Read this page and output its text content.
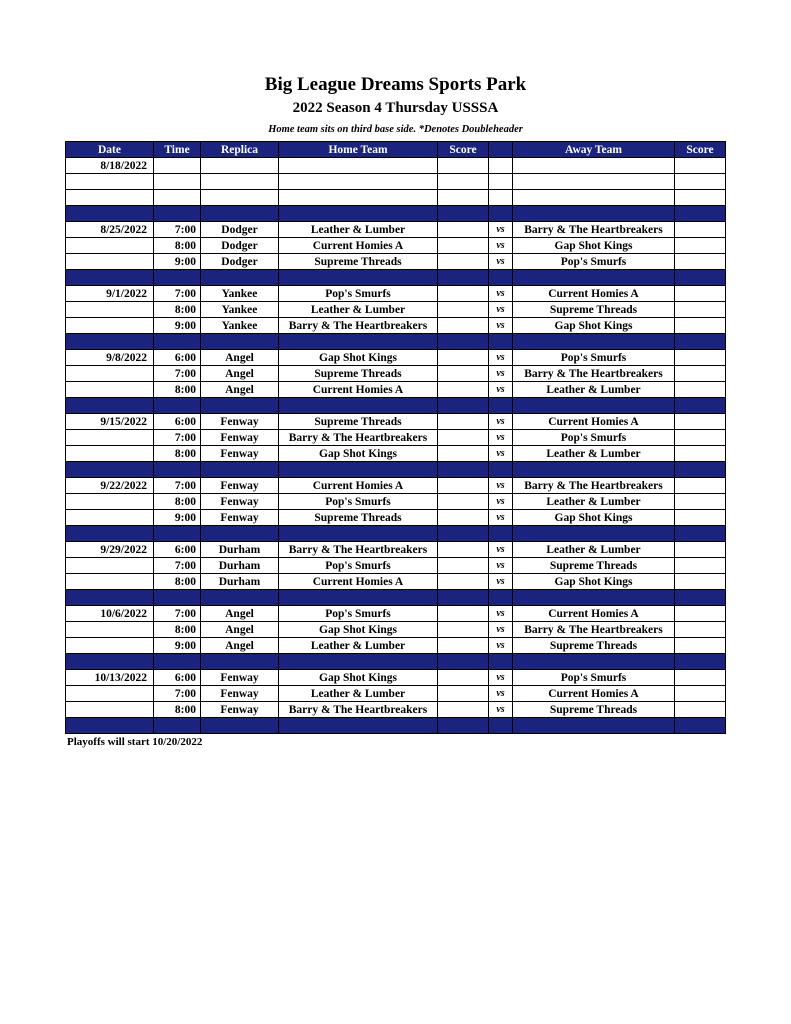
Big League Dreams Sports Park
2022 Season 4 Thursday USSSA
Home team sits on third base side. *Denotes Doubleheader
Date	Time	Replica	Home Team	Score		Away Team	Score
8/18/2022							

8/25/2022	7:00	Dodger	Leather & Lumber		vs	Barry & The Heartbreakers	
	8:00	Dodger	Current Homies A		vs	Gap Shot Kings	
	9:00	Dodger	Supreme Threads		vs	Pop's Smurfs	

9/1/2022	7:00	Yankee	Pop's Smurfs		vs	Current Homies A	
	8:00	Yankee	Leather & Lumber		vs	Supreme Threads	
	9:00	Yankee	Barry & The Heartbreakers		vs	Gap Shot Kings	

9/8/2022	6:00	Angel	Gap Shot Kings		vs	Pop's Smurfs	
	7:00	Angel	Supreme Threads		vs	Barry & The Heartbreakers	
	8:00	Angel	Current Homies A		vs	Leather & Lumber	

9/15/2022	6:00	Fenway	Supreme Threads		vs	Current Homies A	
	7:00	Fenway	Barry & The Heartbreakers		vs	Pop's Smurfs	
	8:00	Fenway	Gap Shot Kings		vs	Leather & Lumber	

9/22/2022	7:00	Fenway	Current Homies A		vs	Barry & The Heartbreakers	
	8:00	Fenway	Pop's Smurfs		vs	Leather & Lumber	
	9:00	Fenway	Supreme Threads		vs	Gap Shot Kings	

9/29/2022	6:00	Durham	Barry & The Heartbreakers		vs	Leather & Lumber	
	7:00	Durham	Pop's Smurfs		vs	Supreme Threads	
	8:00	Durham	Current Homies A		vs	Gap Shot Kings	

10/6/2022	7:00	Angel	Pop's Smurfs		vs	Current Homies A	
	8:00	Angel	Gap Shot Kings		vs	Barry & The Heartbreakers	
	9:00	Angel	Leather & Lumber		vs	Supreme Threads	

10/13/2022	6:00	Fenway	Gap Shot Kings		vs	Pop's Smurfs	
	7:00	Fenway	Leather & Lumber		vs	Current Homies A	
	8:00	Fenway	Barry & The Heartbreakers		vs	Supreme Threads	

Playoffs will start 10/20/2022
